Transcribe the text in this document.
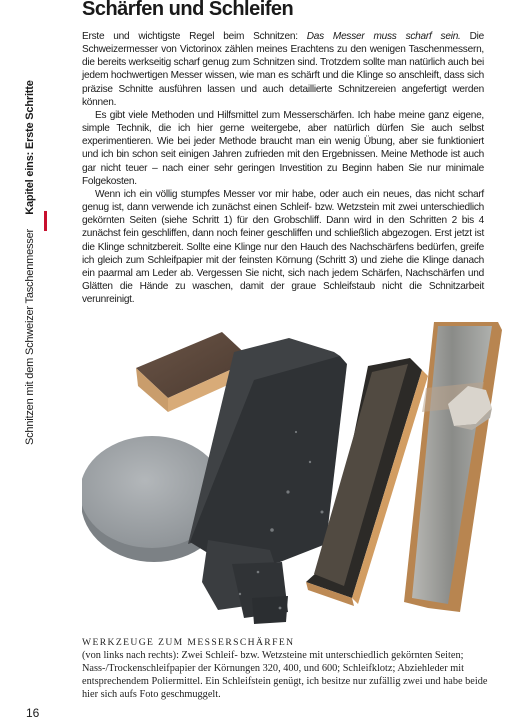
Schnitzen mit dem Schweizer Taschenmesser     Kapitel eins: Erste Schritte
Schärfen und Schleifen

Erste und wichtigste Regel beim Schnitzen: Das Messer muss scharf sein. Die Schweizermesser von Victorinox zählen meines Erachtens zu den wenigen Taschenmessern, die bereits werkseitig scharf genug zum Schnitzen sind. Trotzdem sollte man natürlich auch bei jedem hochwertigen Messer wissen, wie man es schärft und die Klinge so anschleift, dass sich präzise Schnitte ausführen lassen und auch detaillierte Schnitzereien angefertigt werden können.

Es gibt viele Methoden und Hilfsmittel zum Messerschärfen. Ich habe meine ganz eigene, simple Technik, die ich hier gerne weitergebe, aber natürlich dürfen Sie auch selbst experimentieren. Wie bei jeder Methode braucht man ein wenig Übung, aber sie funktioniert und ich bin schon seit einigen Jahren zufrieden mit den Ergebnissen. Meine Methode ist auch gar nicht teuer – nach einer sehr geringen Investition zu Beginn haben Sie nur minimale Folgekosten.

Wenn ich ein völlig stumpfes Messer vor mir habe, oder auch ein neues, das nicht scharf genug ist, dann verwende ich zunächst einen Schleif- bzw. Wetzstein mit zwei unterschiedlich gekörnten Seiten (siehe Schritt 1) für den Grobschliff. Dann wird in den Schritten 2 bis 4 zunächst fein geschliffen, dann noch feiner geschliffen und schließlich abgezogen. Erst jetzt ist die Klinge schnitzbereit. Sollte eine Klinge nur den Hauch des Nachschärfens bedürfen, greife ich gleich zum Schleifpapier mit der feinsten Körnung (Schritt 3) und ziehe die Klinge danach ein paarmal am Leder ab. Vergessen Sie nicht, sich nach jedem Schärfen, Nachschärfen und Glätten die Hände zu waschen, damit der graue Schleifstaub nicht die Schnitzarbeit verunreinigt.

WERKZEUGE ZUM MESSERSCHÄRFEN
(von links nach rechts): Zwei Schleif- bzw. Wetzsteine mit unterschiedlich gekörnten Seiten; Nass-/Trockenschleifpapier der Körnungen 320, 400, und 600; Schleifklotz; Abziehleder mit entsprechendem Poliermittel. Ein Schleifstein genügt, ich besitze nur zufällig zwei und habe beide hier sich aufs Foto geschmuggelt.
16
